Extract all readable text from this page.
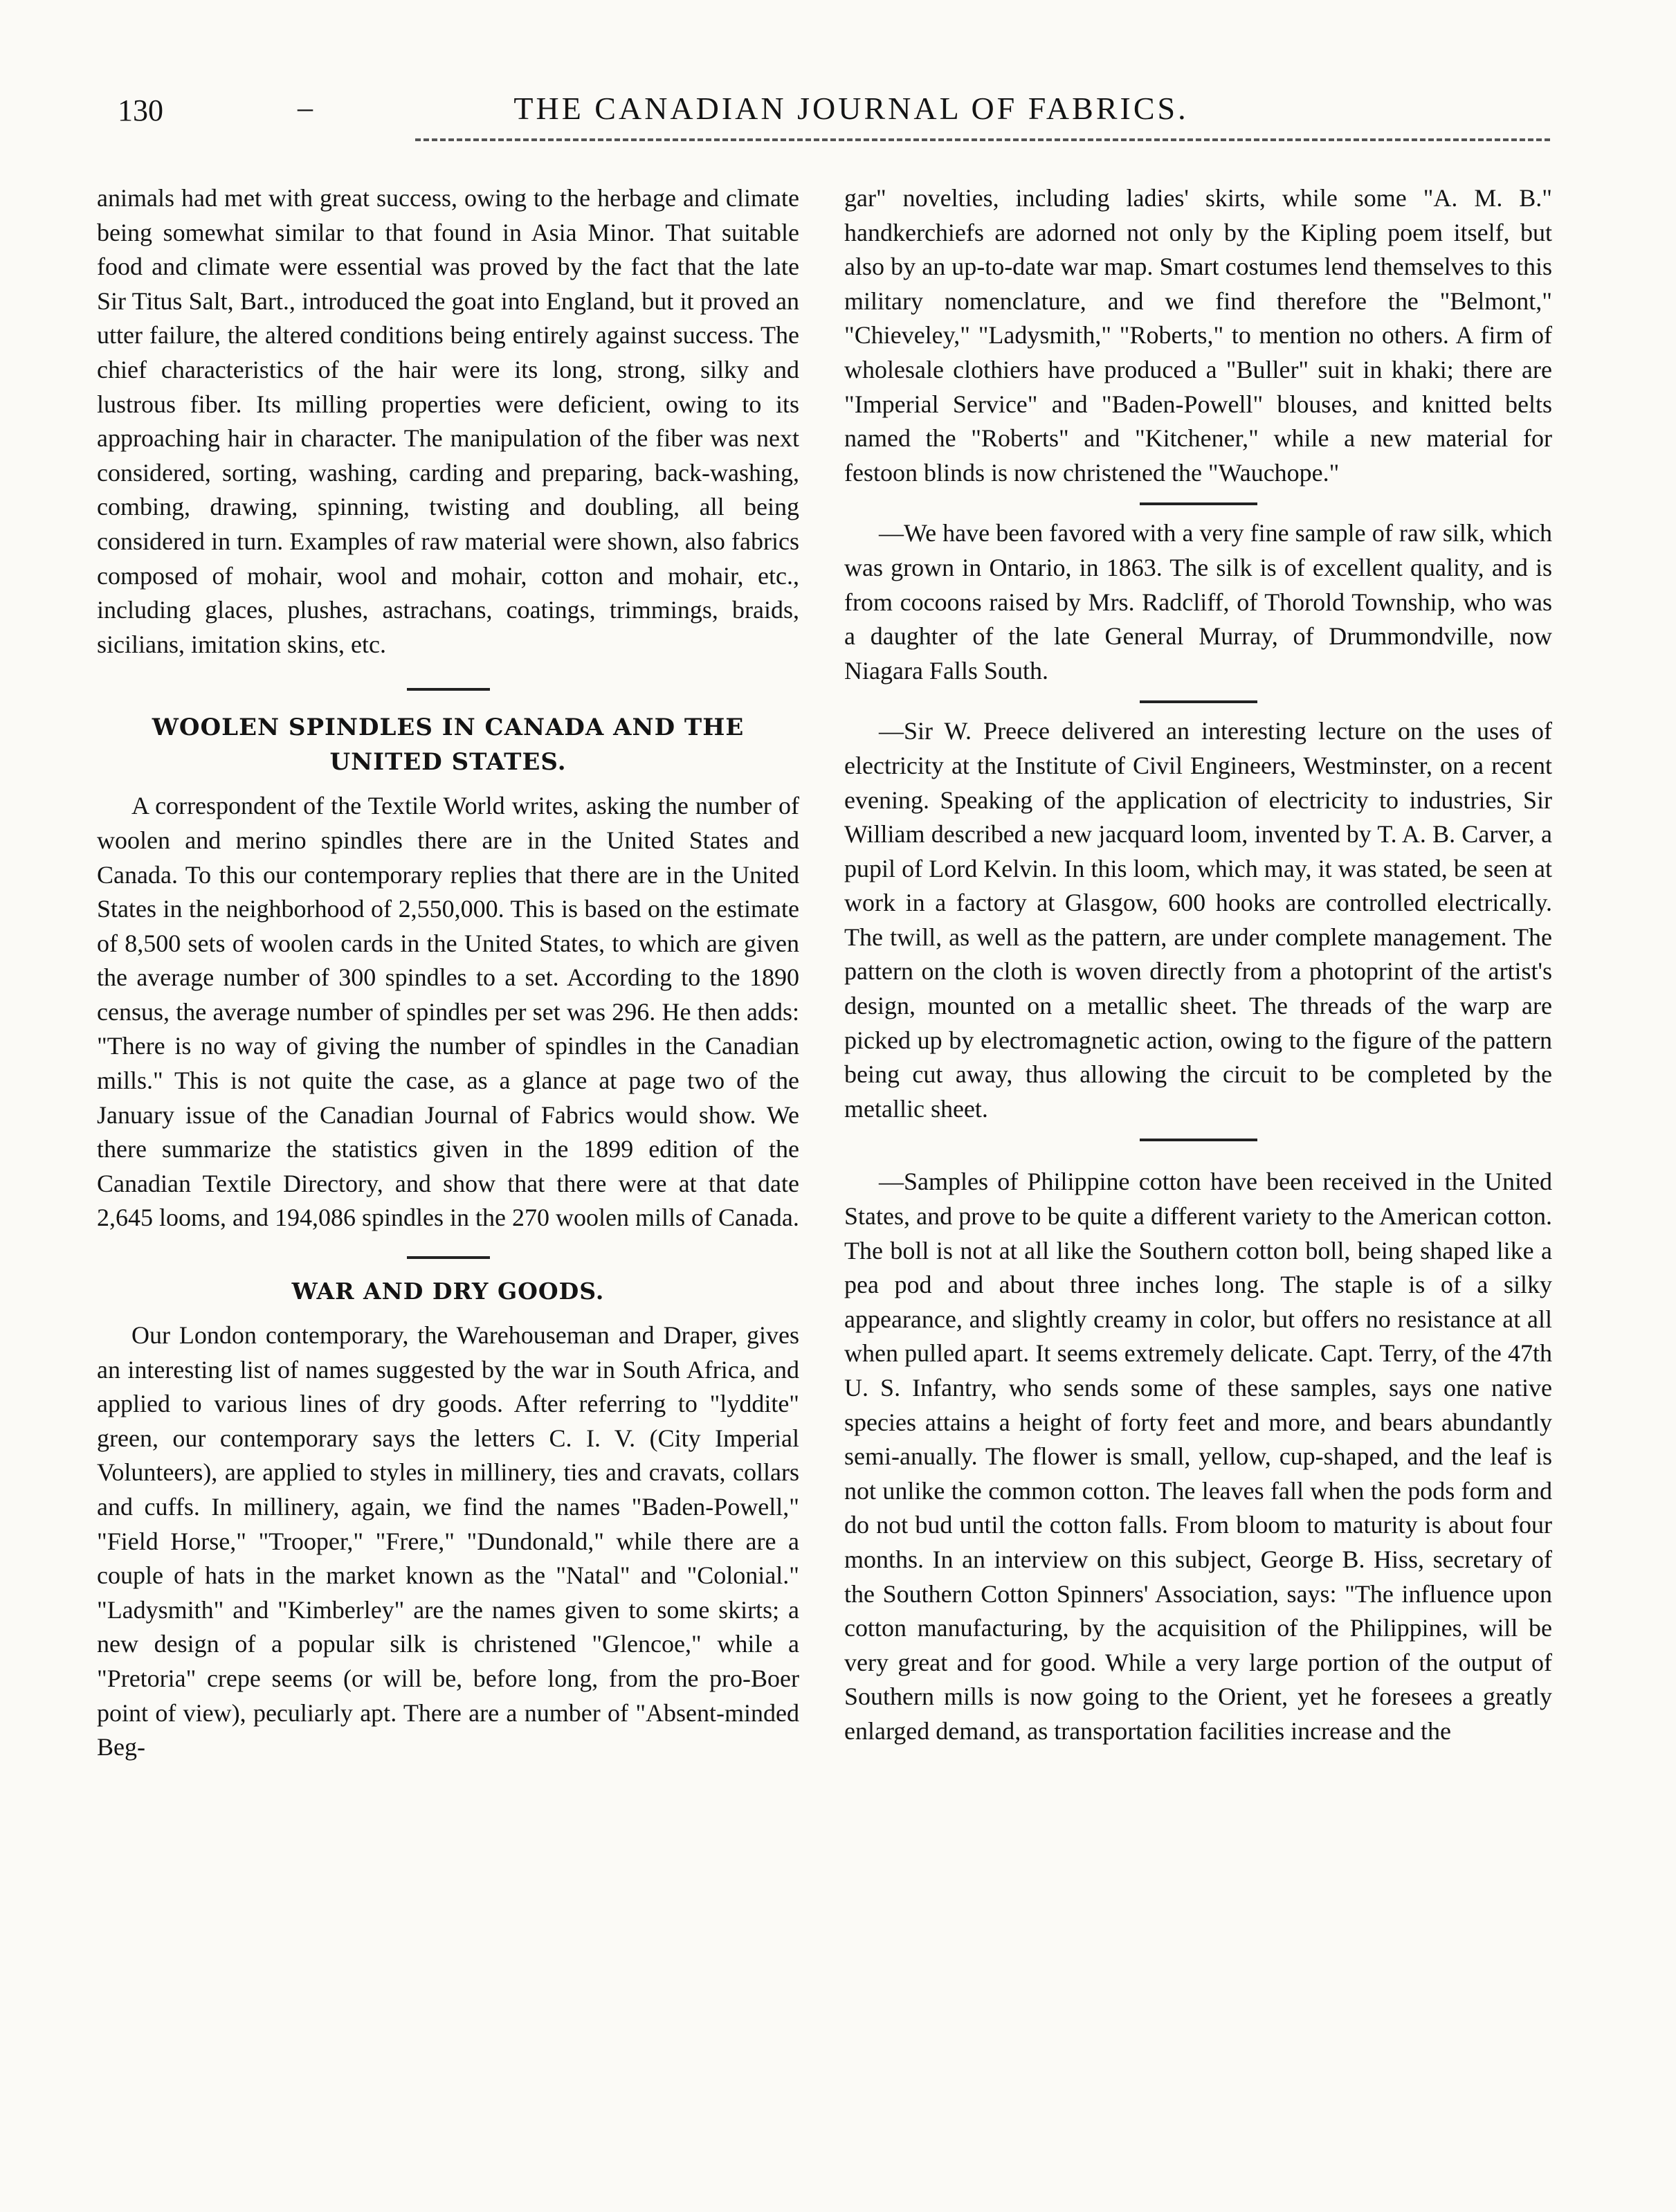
130	–	THE CANADIAN JOURNAL OF FABRICS.

animals had met with great success, owing to the herbage and climate being somewhat similar to that found in Asia Minor. That suitable food and climate were essential was proved by the fact that the late Sir Titus Salt, Bart., introduced the goat into England, but it proved an utter failure, the altered conditions being entirely against success. The chief characteristics of the hair were its long, strong, silky and lustrous fiber. Its milling properties were deficient, owing to its approaching hair in character. The manipulation of the fiber was next considered, sorting, washing, carding and preparing, back-washing, combing, drawing, spinning, twisting and doubling, all being considered in turn. Examples of raw material were shown, also fabrics composed of mohair, wool and mohair, cotton and mohair, etc., including glaces, plushes, astrachans, coatings, trimmings, braids, sicilians, imitation skins, etc.

WOOLEN SPINDLES IN CANADA AND THE
UNITED STATES.

A correspondent of the Textile World writes, asking the number of woolen and merino spindles there are in the United States and Canada. To this our contemporary replies that there are in the United States in the neighborhood of 2,550,000. This is based on the estimate of 8,500 sets of woolen cards in the United States, to which are given the average number of 300 spindles to a set. According to the 1890 census, the average number of spindles per set was 296. He then adds: "There is no way of giving the number of spindles in the Canadian mills." This is not quite the case, as a glance at page two of the January issue of the Canadian Journal of Fabrics would show. We there summarize the statistics given in the 1899 edition of the Canadian Textile Directory, and show that there were at that date 2,645 looms, and 194,086 spindles in the 270 woolen mills of Canada.

WAR AND DRY GOODS.

Our London contemporary, the Warehouseman and Draper, gives an interesting list of names suggested by the war in South Africa, and applied to various lines of dry goods. After referring to "lyddite" green, our contemporary says the letters C. I. V. (City Imperial Volunteers), are applied to styles in millinery, ties and cravats, collars and cuffs. In millinery, again, we find the names "Baden-Powell," "Field Horse," "Trooper," "Frere," "Dundonald," while there are a couple of hats in the market known as the "Natal" and "Colonial." "Ladysmith" and "Kimberley" are the names given to some skirts; a new design of a popular silk is christened "Glencoe," while a "Pretoria" crepe seems (or will be, before long, from the pro-Boer point of view), peculiarly apt. There are a number of "Absent-minded Beg-

gar" novelties, including ladies' skirts, while some "A. M. B." handkerchiefs are adorned not only by the Kipling poem itself, but also by an up-to-date war map. Smart costumes lend themselves to this military nomenclature, and we find therefore the "Belmont," "Chieveley," "Ladysmith," "Roberts," to mention no others. A firm of wholesale clothiers have produced a "Buller" suit in khaki; there are "Imperial Service" and "Baden-Powell" blouses, and knitted belts named the "Roberts" and "Kitchener," while a new material for festoon blinds is now christened the "Wauchope."

—We have been favored with a very fine sample of raw silk, which was grown in Ontario, in 1863. The silk is of excellent quality, and is from cocoons raised by Mrs. Radcliff, of Thorold Township, who was a daughter of the late General Murray, of Drummondville, now Niagara Falls South.

—Sir W. Preece delivered an interesting lecture on the uses of electricity at the Institute of Civil Engineers, Westminster, on a recent evening. Speaking of the application of electricity to industries, Sir William described a new jacquard loom, invented by T. A. B. Carver, a pupil of Lord Kelvin. In this loom, which may, it was stated, be seen at work in a factory at Glasgow, 600 hooks are controlled electrically. The twill, as well as the pattern, are under complete management. The pattern on the cloth is woven directly from a photoprint of the artist's design, mounted on a metallic sheet. The threads of the warp are picked up by electromagnetic action, owing to the figure of the pattern being cut away, thus allowing the circuit to be completed by the metallic sheet.

—Samples of Philippine cotton have been received in the United States, and prove to be quite a different variety to the American cotton. The boll is not at all like the Southern cotton boll, being shaped like a pea pod and about three inches long. The staple is of a silky appearance, and slightly creamy in color, but offers no resistance at all when pulled apart. It seems extremely delicate. Capt. Terry, of the 47th U. S. Infantry, who sends some of these samples, says one native species attains a height of forty feet and more, and bears abundantly semi-anually. The flower is small, yellow, cup-shaped, and the leaf is not unlike the common cotton. The leaves fall when the pods form and do not bud until the cotton falls. From bloom to maturity is about four months. In an interview on this subject, George B. Hiss, secretary of the Southern Cotton Spinners' Association, says: "The influence upon cotton manufacturing, by the acquisition of the Philippines, will be very great and for good. While a very large portion of the output of Southern mills is now going to the Orient, yet he foresees a greatly enlarged demand, as transportation facilities increase and the
